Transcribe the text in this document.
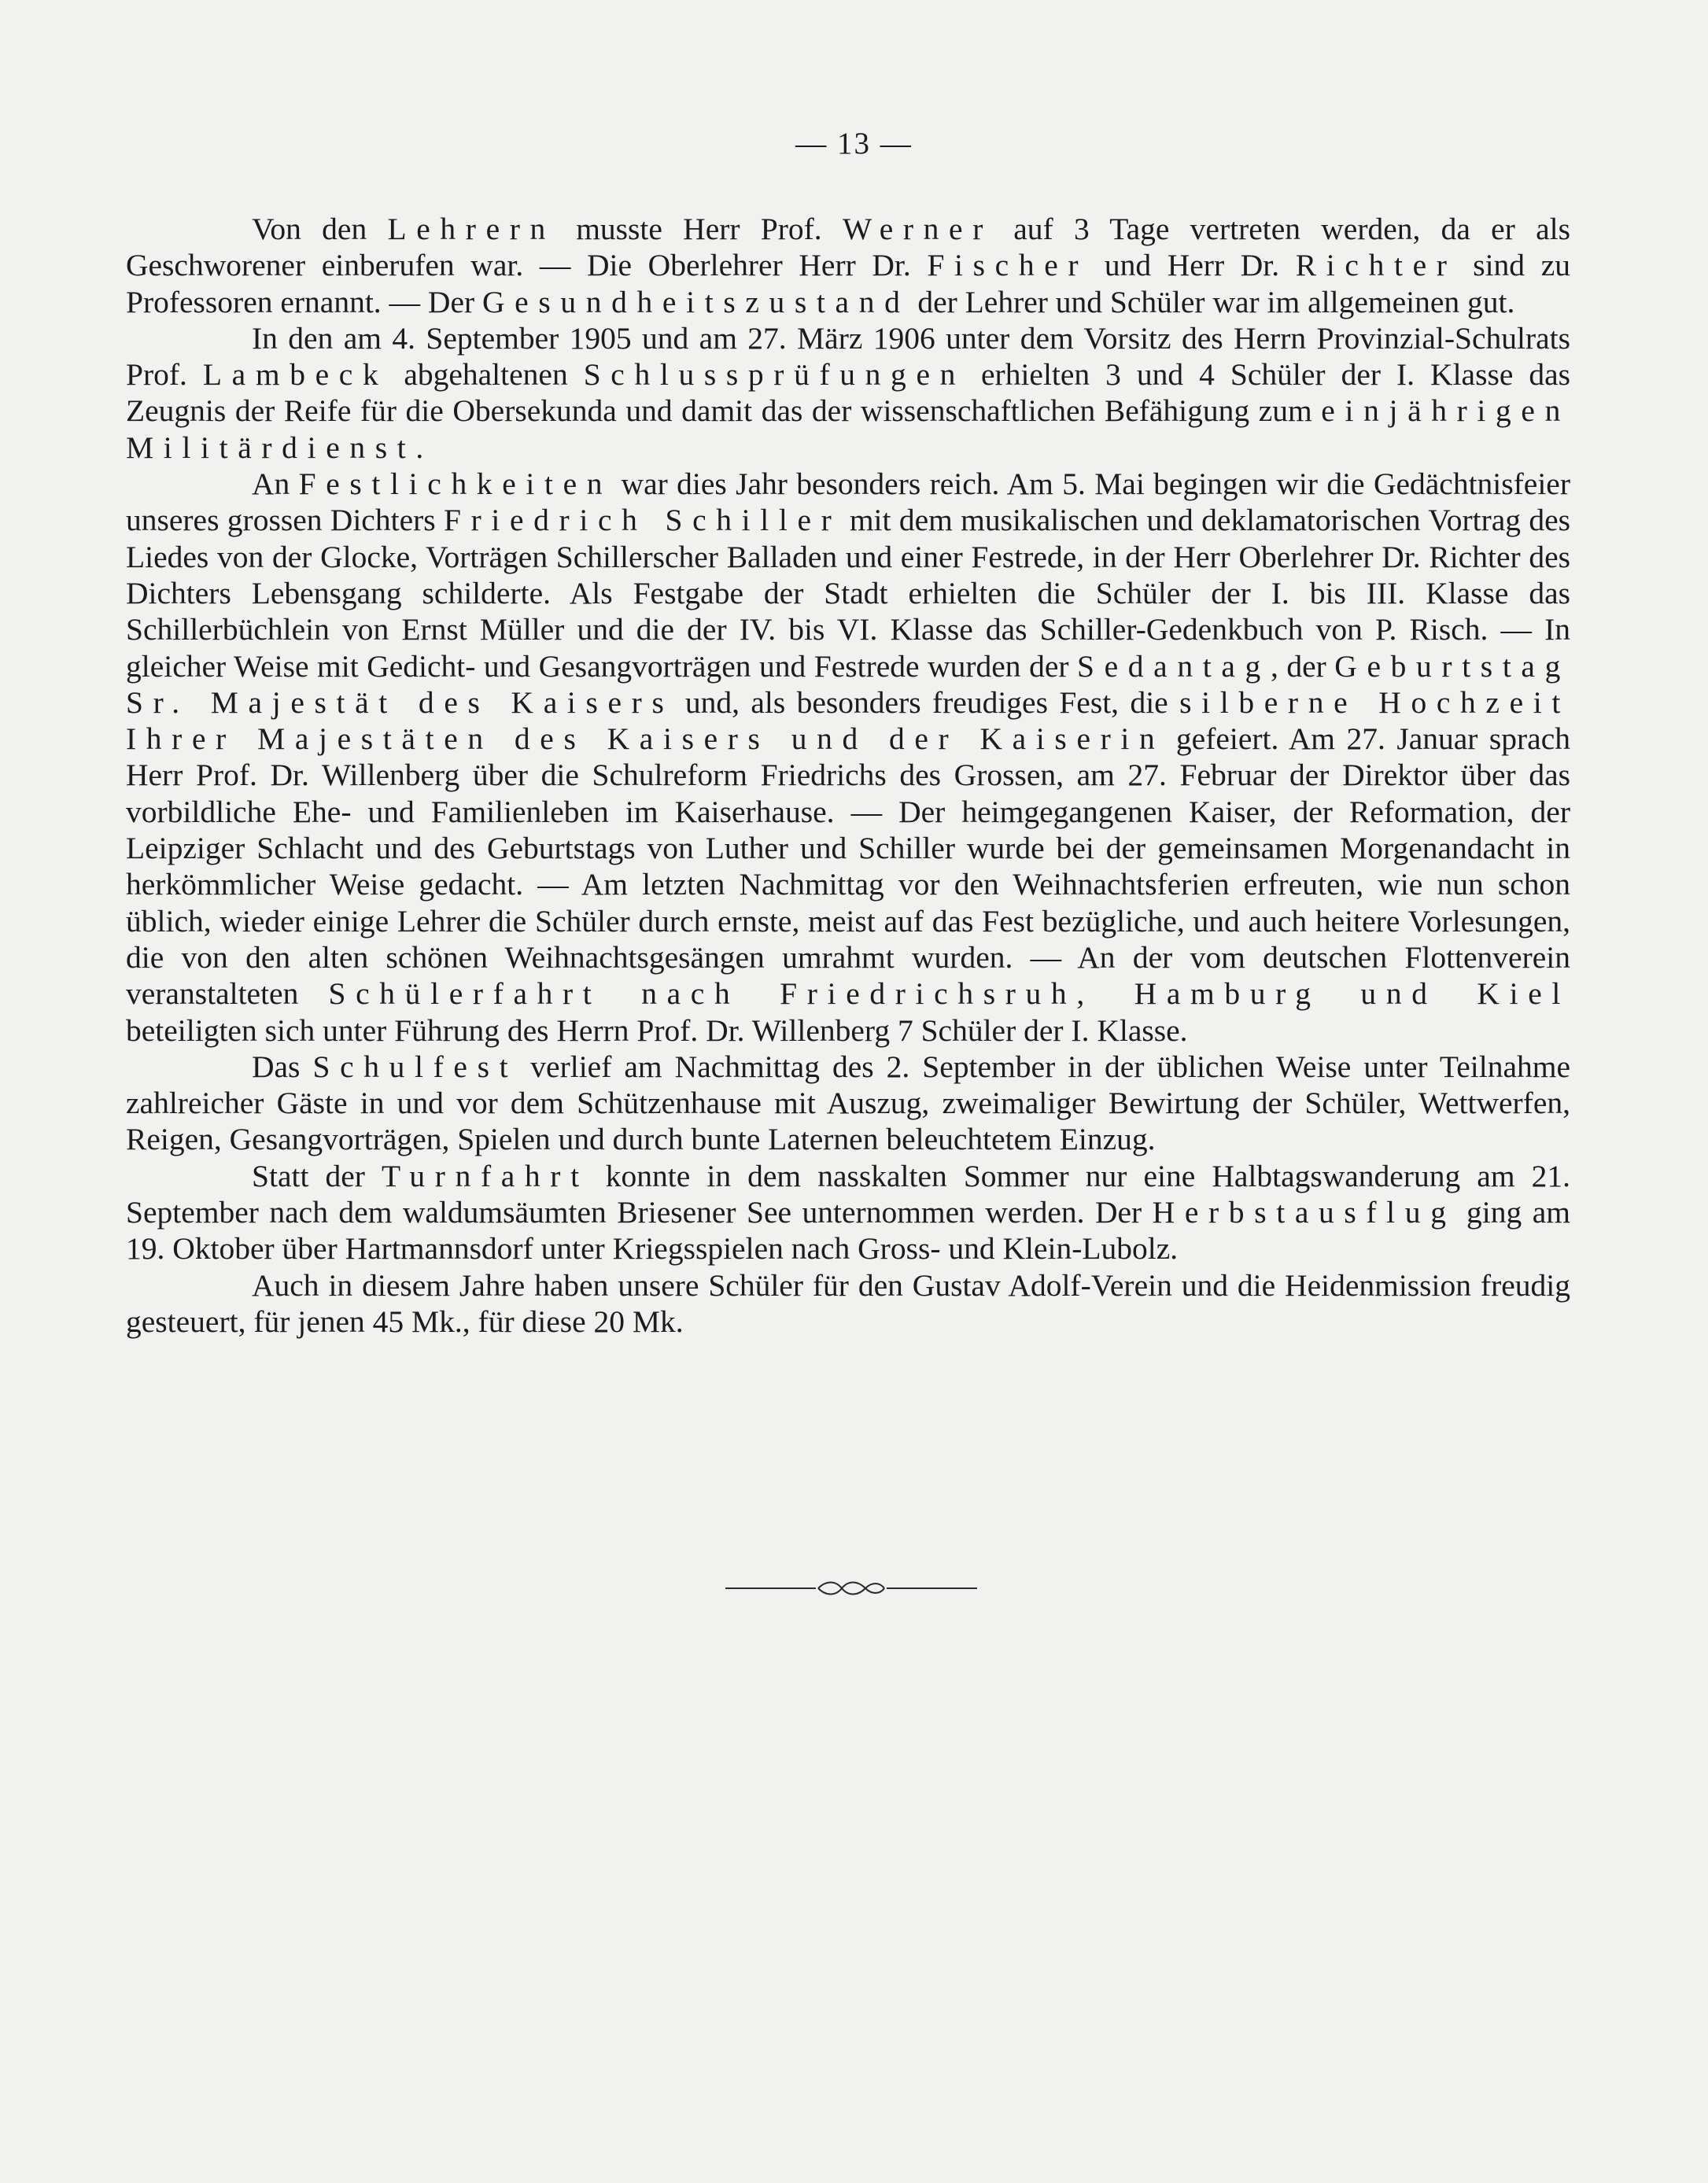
— 13 —

Von den Lehrern musste Herr Prof. Werner auf 3 Tage vertreten werden, da er als Geschworener einberufen war. — Die Oberlehrer Herr Dr. Fischer und Herr Dr. Richter sind zu Professoren ernannt. — Der Gesundheitszustand der Lehrer und Schüler war im allgemeinen gut.

In den am 4. September 1905 und am 27. März 1906 unter dem Vorsitz des Herrn Provinzial-Schulrats Prof. Lambeck abgehaltenen Schlussprüfungen erhielten 3 und 4 Schüler der I. Klasse das Zeugnis der Reife für die Obersekunda und damit das der wissenschaftlichen Befähigung zum einjährigen Militärdienst.

An Festlichkeiten war dies Jahr besonders reich. Am 5. Mai begingen wir die Gedächtnisfeier unseres grossen Dichters Friedrich Schiller mit dem musikalischen und deklamatorischen Vortrag des Liedes von der Glocke, Vorträgen Schillerscher Balladen und einer Festrede, in der Herr Oberlehrer Dr. Richter des Dichters Lebensgang schilderte. Als Festgabe der Stadt erhielten die Schüler der I. bis III. Klasse das Schillerbüchlein von Ernst Müller und die der IV. bis VI. Klasse das Schiller-Gedenkbuch von P. Risch. — In gleicher Weise mit Gedicht- und Gesangvorträgen und Festrede wurden der Sedantag, der Geburtstag Sr. Majestät des Kaisers und, als besonders freudiges Fest, die silberne Hochzeit Ihrer Majestäten des Kaisers und der Kaiserin gefeiert. Am 27. Januar sprach Herr Prof. Dr. Willenberg über die Schulreform Friedrichs des Grossen, am 27. Februar der Direktor über das vorbildliche Ehe- und Familienleben im Kaiserhause. — Der heimgegangenen Kaiser, der Reformation, der Leipziger Schlacht und des Geburtstags von Luther und Schiller wurde bei der gemeinsamen Morgenandacht in herkömmlicher Weise gedacht. — Am letzten Nachmittag vor den Weihnachtsferien erfreuten, wie nun schon üblich, wieder einige Lehrer die Schüler durch ernste, meist auf das Fest bezügliche, und auch heitere Vorlesungen, die von den alten schönen Weihnachtsgesängen umrahmt wurden. — An der vom deutschen Flottenverein veranstalteten Schülerfahrt nach Friedrichsruh, Hamburg und Kiel beteiligten sich unter Führung des Herrn Prof. Dr. Willenberg 7 Schüler der I. Klasse.

Das Schulfest verlief am Nachmittag des 2. September in der üblichen Weise unter Teilnahme zahlreicher Gäste in und vor dem Schützenhause mit Auszug, zweimaliger Bewirtung der Schüler, Wettwerfen, Reigen, Gesangvorträgen, Spielen und durch bunte Laternen beleuchtetem Einzug.

Statt der Turnfahrt konnte in dem nasskalten Sommer nur eine Halbtagswanderung am 21. September nach dem waldumsäumten Briesener See unternommen werden. Der Herbstausflug ging am 19. Oktober über Hartmannsdorf unter Kriegsspielen nach Gross- und Klein-Lubolz.

Auch in diesem Jahre haben unsere Schüler für den Gustav Adolf-Verein und die Heidenmission freudig gesteuert, für jenen 45 Mk., für diese 20 Mk.
